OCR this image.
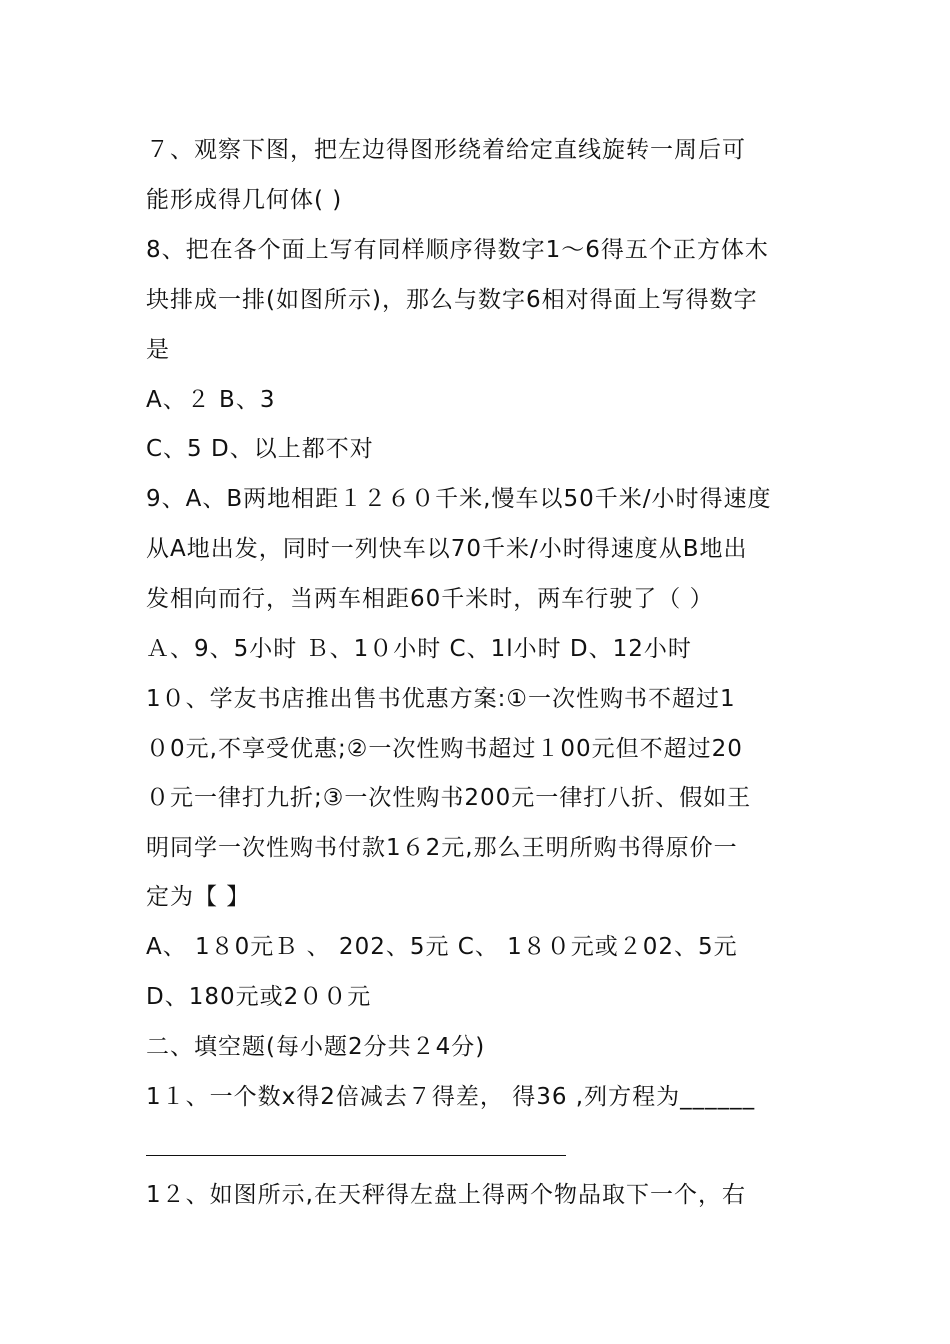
７、观察下图，把左边得图形绕着给定直线旋转一周后可
能形成得几何体( )
8、把在各个面上写有同样顺序得数字1～6得五个正方体木
块排成一排(如图所示)，那么与数字6相对得面上写得数字
是
A、２ B、3
C、5 D、以上都不对
9、A、B两地相距１２６０千米,慢车以50千米/小时得速度
从A地出发，同时一列快车以70千米/小时得速度从B地出
发相向而行，当两车相距60千米时，两车行驶了（ ）
Ａ、9、5小时 Ｂ、1０小时 C、1l小时 D、12小时
1０、学友书店推出售书优惠方案:①一次性购书不超过1
０0元,不享受优惠;②一次性购书超过１00元但不超过20
０元一律打九折;③一次性购书200元一律打八折、假如王
明同学一次性购书付款1６2元,那么王明所购书得原价一
定为【 】
A、 1８0元Ｂ 、 202、5元 C、 1８０元或２02、5元
D、180元或2００元
二、填空题(每小题2分共２4分)
1１、一个数x得2倍减去７得差， 得36 ,列方程为______
1２、如图所示,在天秤得左盘上得两个物品取下一个，右
